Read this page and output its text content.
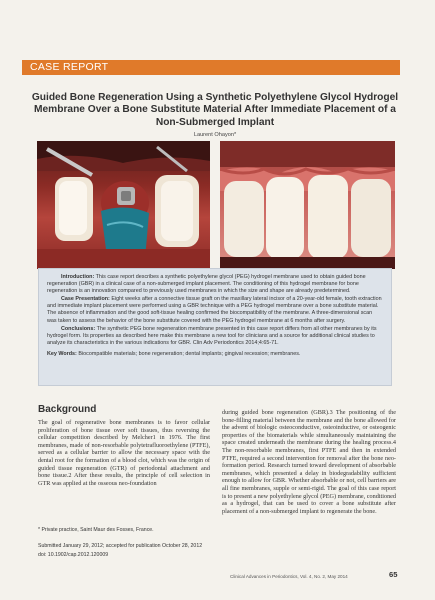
CASE REPORT
Guided Bone Regeneration Using a Synthetic Polyethylene Glycol Hydrogel Membrane Over a Bone Substitute Material After Immediate Placement of a Non-Submerged Implant
Laurent Ohayon*

Introduction: This case report describes a synthetic polyethylene glycol (PEG) hydrogel membrane used to obtain guided bone regeneration (GBR) in a clinical case of a non-submerged implant placement. The conditioning of this hydrogel membrane for bone regeneration is an innovation compared to previously used membranes in which the size and shape are already predetermined.

Case Presentation: Eight weeks after a connective tissue graft on the maxillary lateral incisor of a 20-year-old female, tooth extraction and immediate implant placement were performed using a GBR technique with a PEG hydrogel membrane over a bone substitute material. The absence of inflammation and the good soft-tissue healing confirmed the biocompatibility of the membrane. A three-dimensional scan was taken to assess the behavior of the bone substitute covered with the PEG hydrogel membrane at 6 months after surgery.

Conclusions: The synthetic PEG bone regeneration membrane presented in this case report differs from all other membranes by its hydrogel form. Its properties as described here make this membrane a new tool for clinicians and a source for additional clinical studies to analyze its characteristics in the various indications for GBR. Clin Adv Periodontics 2014;4:65-71.

Key Words: Biocompatible materials; bone regeneration; dental implants; gingival recession; membranes.

Background

The goal of regenerative bone membranes is to favor cellular proliferation of bone tissue over soft tissues, thus reversing the cellular competition described by Melcher1 in 1976. The first membranes, made of non-resorbable polytetrafluoroethylene (PTFE), served as a cellular barrier to allow the necessary space with the dental root for the formation of a blood clot, which was the origin of guided tissue regeneration (GTR) of periodontal attachment and bone tissue.2 After these results, the principle of cell selection in GTR was applied at the osseous neo-foundation

during guided bone regeneration (GBR).3 The positioning of the bone-filling material between the membrane and the bone allowed for the advent of biologic osteoconductive, osteoinductive, or osteogenic properties of the biomaterials while simultaneously maintaining the space created underneath the membrane during the healing process.4 The non-resorbable membranes, first PTFE and then in extended PTFE, required a second intervention for removal after the bone neo-formation period. Research turned toward development of absorbable membranes, which presented a delay in biodegradability sufficient enough to allow for GBR. Whether absorbable or not, cell barriers are all fine membranes, supple or semi-rigid. The goal of this case report is to present a new polyethylene glycol (PEG) membrane, conditioned as a hydrogel, that can be used to cover a bone substitute after placement of a non-submerged implant to regenerate the bone.

* Private practice, Saint Maur des Fosses, France.
Submitted January 29, 2012; accepted for publication October 28, 2012
doi: 10.1902/cap.2012.120009
Clinical Advances in Periodontics, Vol. 4, No. 2, May 2014	65
